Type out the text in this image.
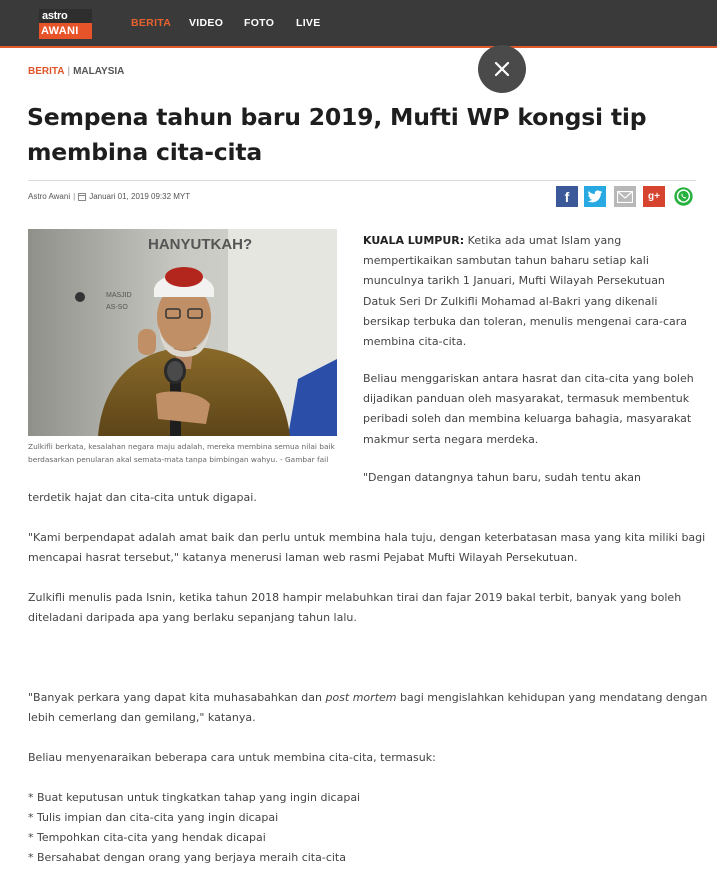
astro
AWANI
BERITA VIDEO FOTO LIVE
BERITA | MALAYSIA
Sempena tahun baru 2019, Mufti WP kongsi tip membina cita-cita
Astro Awani | Januari 01, 2019 09:32 MYT	f	g+
HANYUTKAH?
MASJID
AS-SO
Zulkifli berkata, kesalahan negara maju adalah, mereka membina semua nilai baik berdasarkan penularan akal semata-mata tanpa bimbingan wahyu. - Gambar fail

KUALA LUMPUR: Ketika ada umat Islam yang mempertikaikan sambutan tahun baharu setiap kali munculnya tarikh 1 Januari, Mufti Wilayah Persekutuan Datuk Seri Dr Zulkifli Mohamad al-Bakri yang dikenali bersikap terbuka dan toleran, menulis mengenai cara-cara membina cita-cita.

Beliau menggariskan antara hasrat dan cita-cita yang boleh dijadikan panduan oleh masyarakat, termasuk membentuk peribadi soleh dan membina keluarga bahagia, masyarakat makmur serta negara merdeka.

"Dengan datangnya tahun baru, sudah tentu akan

terdetik hajat dan cita-cita untuk digapai.

"Kami berpendapat adalah amat baik dan perlu untuk membina hala tuju, dengan keterbatasan masa yang kita miliki bagi mencapai hasrat tersebut," katanya menerusi laman web rasmi Pejabat Mufti Wilayah Persekutuan.

Zulkifli menulis pada Isnin, ketika tahun 2018 hampir melabuhkan tirai dan fajar 2019 bakal terbit, banyak yang boleh diteladani daripada apa yang berlaku sepanjang tahun lalu.

"Banyak perkara yang dapat kita muhasabahkan dan post mortem bagi mengislahkan kehidupan yang mendatang dengan lebih cemerlang dan gemilang," katanya.

Beliau menyenaraikan beberapa cara untuk membina cita-cita, termasuk:

* Buat keputusan untuk tingkatkan tahap yang ingin dicapai

* Tulis impian dan cita-cita yang ingin dicapai

* Tempohkan cita-cita yang hendak dicapai

* Bersahabat dengan orang yang berjaya meraih cita-cita
